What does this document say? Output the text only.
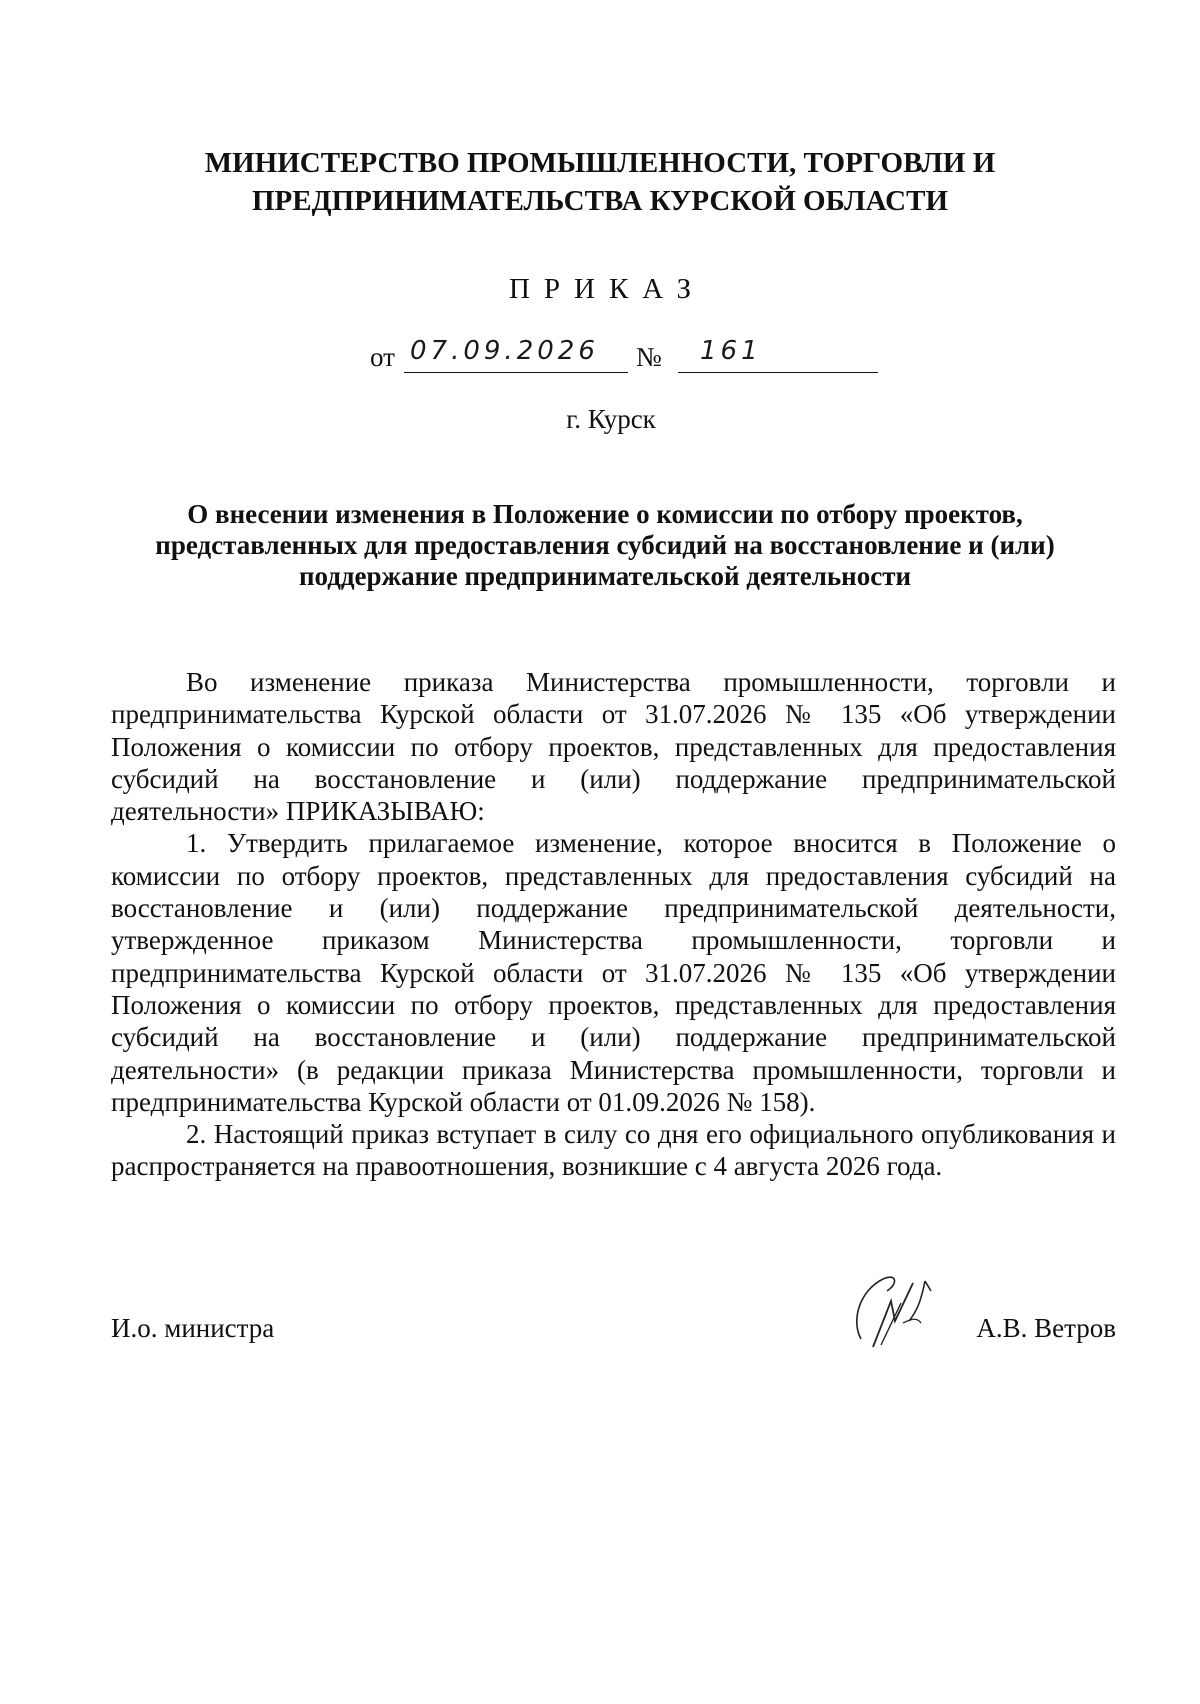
МИНИСТЕРСТВО ПРОМЫШЛЕННОСТИ, ТОРГОВЛИ И
ПРЕДПРИНИМАТЕЛЬСТВА КУРСКОЙ ОБЛАСТИ
ПРИКАЗ
от 07.09.2026 № 161
г. Курск
О внесении изменения в Положение о комиссии по отбору проектов,
представленных для предоставления субсидий на восстановление и (или)
поддержание предпринимательской деятельности

Во изменение приказа Министерства промышленности, торговли и предпринимательства Курской области от 31.07.2026 № 135 «Об утверждении Положения о комиссии по отбору проектов, представленных для предоставления субсидий на восстановление и (или) поддержание предпринимательской деятельности» ПРИКАЗЫВАЮ:

1. Утвердить прилагаемое изменение, которое вносится в Положение о комиссии по отбору проектов, представленных для предоставления субсидий на восстановление и (или) поддержание предпринимательской деятельности, утвержденное приказом Министерства промышленности, торговли и предпринимательства Курской области от 31.07.2026 № 135 «Об утверждении Положения о комиссии по отбору проектов, представленных для предоставления субсидий на восстановление и (или) поддержание предпринимательской деятельности» (в редакции приказа Министерства промышленности, торговли и предпринимательства Курской области от 01.09.2026 № 158).

2. Настоящий приказ вступает в силу со дня его официального опубликования и распространяется на правоотношения, возникшие с 4 августа 2026 года.

И.о. министра	А.В. Ветров
